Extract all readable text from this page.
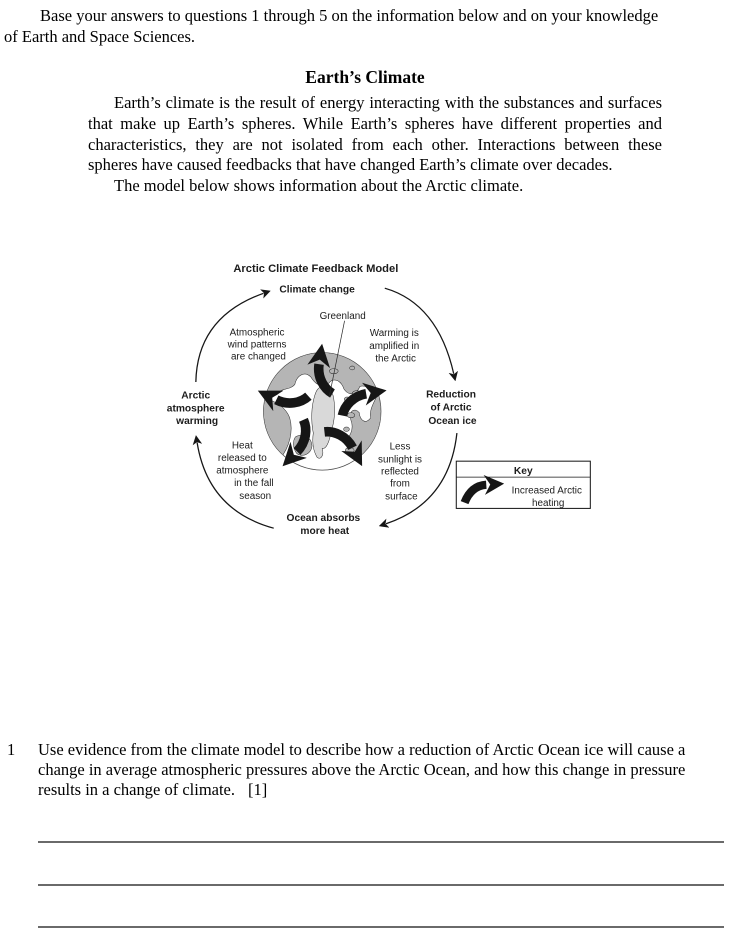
Base your answers to questions 1 through 5 on the information below and on your knowledge of Earth and Space Sciences.
Earth’s Climate

Earth’s climate is the result of energy interacting with the substances and surfaces that make up Earth’s spheres. While Earth’s spheres have different properties and characteristics, they are not isolated from each other. Interactions between these spheres have caused feedbacks that have changed Earth’s climate over decades.

The model below shows information about the Arctic climate.

Arctic Climate Feedback Model
Climate change
Reduction of Arctic Ocean ice
Arctic atmosphere warming
Ocean absorbs more heat
Greenland
Atmospheric wind patterns are changed
Warming is amplified in the Arctic
Heat released to atmosphere in the fall season
Less sunlight is reflected from surface
Key
Increased Arctic heating
1 Use evidence from the climate model to describe how a reduction of Arctic Ocean ice will cause a change in average atmospheric pressures above the Arctic Ocean, and how this change in pressure results in a change of climate. [1]
